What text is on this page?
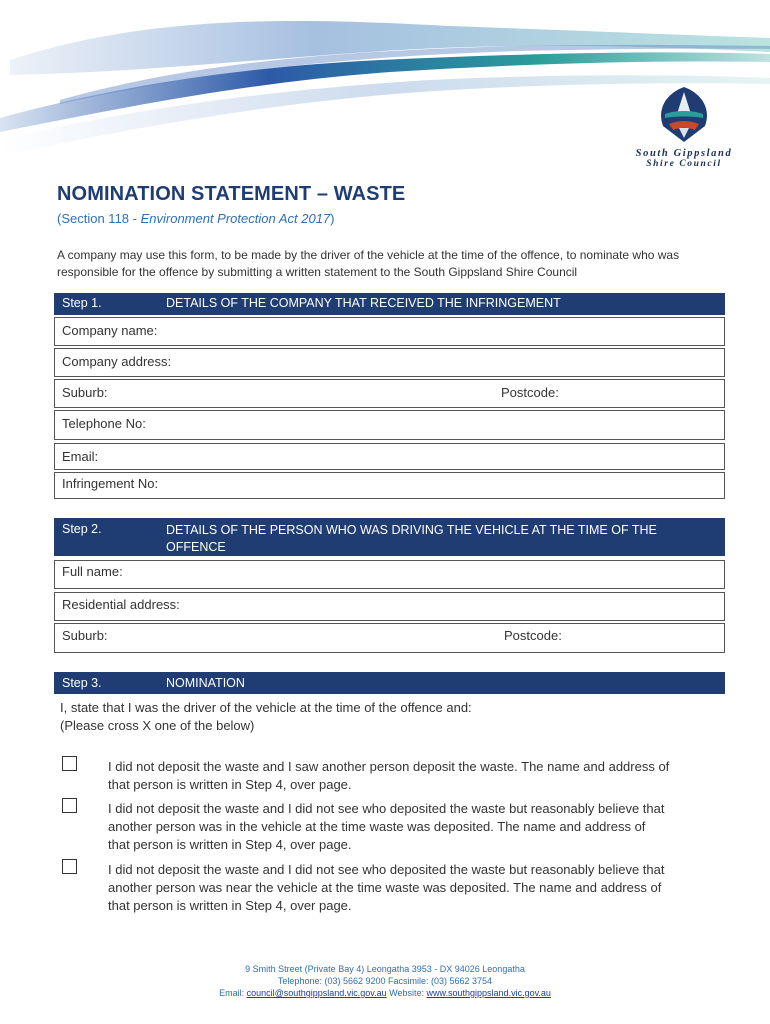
South Gippsland
Shire Council
NOMINATION STATEMENT – WASTE
(Section 118 - Environment Protection Act 2017)
A company may use this form, to be made by the driver of the vehicle at the time of the offence, to nominate who was responsible for the offence by submitting a written statement to the South Gippsland Shire Council
Step 1.	DETAILS OF THE COMPANY THAT RECEIVED THE INFRINGEMENT
Company name:
Company address:
Suburb:	Postcode:
Telephone No:
Email:
Infringement No:
Step 2.	DETAILS OF THE PERSON WHO WAS DRIVING THE VEHICLE AT THE TIME OF THE
OFFENCE
Full name:
Residential address:
Suburb:	Postcode:
Step 3.	NOMINATION
I, state that I was the driver of the vehicle at the time of the offence and:
(Please cross X one of the below)
I did not deposit the waste and I saw another person deposit the waste. The name and address of
that person is written in Step 4, over page.
I did not deposit the waste and I did not see who deposited the waste but reasonably believe that
another person was in the vehicle at the time waste was deposited. The name and address of
that person is written in Step 4, over page.
I did not deposit the waste and I did not see who deposited the waste but reasonably believe that
another person was near the vehicle at the time waste was deposited. The name and address of
that person is written in Step 4, over page.
9 Smith Street (Private Bay 4) Leongatha 3953 - DX 94026 Leongatha
Telephone: (03) 5662 9200 Facsimile: (03) 5662 3754
Email: council@southgippsland.vic.gov.au Website: www.southgippsland.vic.gov.au
